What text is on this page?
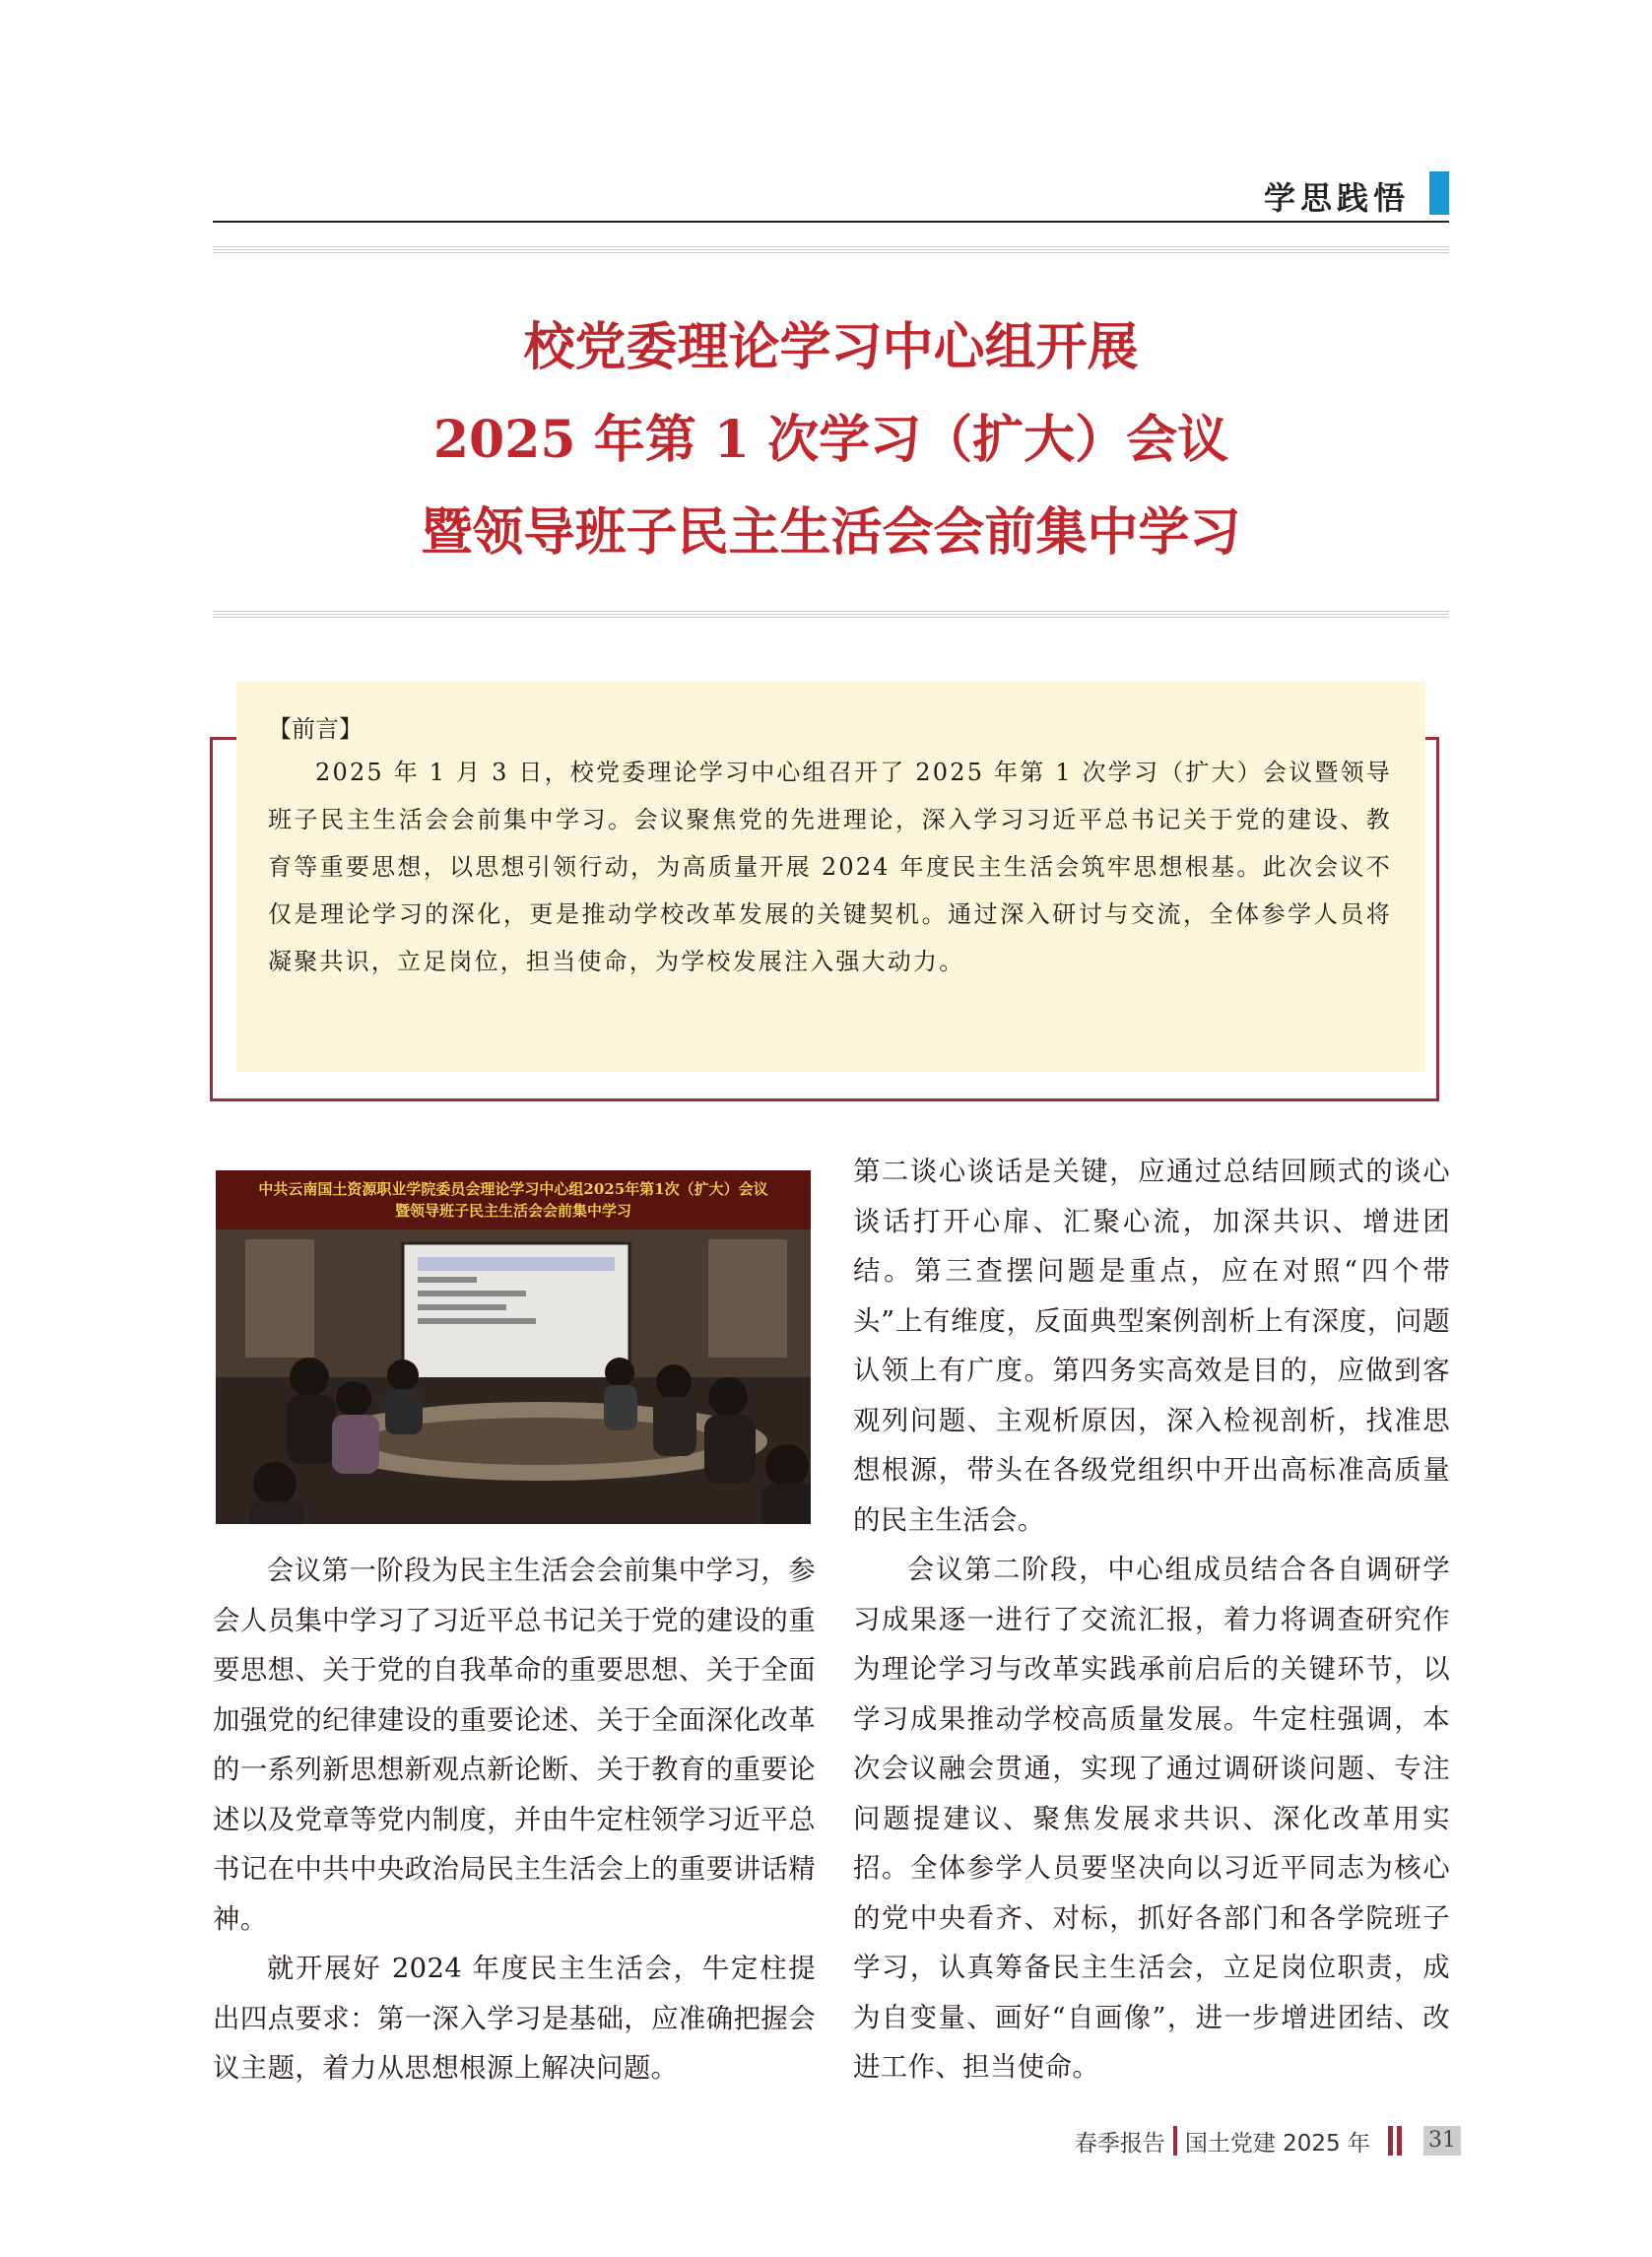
学思践悟
校党委理论学习中心组开展
2025 年第 1 次学习（扩大）会议
暨领导班子民主生活会会前集中学习
【前言】

2025 年 1 月 3 日，校党委理论学习中心组召开了 2025 年第 1 次学习（扩大）会议暨领导班子民主生活会会前集中学习。会议聚焦党的先进理论，深入学习习近平总书记关于党的建设、教育等重要思想，以思想引领行动，为高质量开展 2024 年度民主生活会筑牢思想根基。此次会议不仅是理论学习的深化，更是推动学校改革发展的关键契机。通过深入研讨与交流，全体参学人员将凝聚共识，立足岗位，担当使命，为学校发展注入强大动力。

中共云南国土资源职业学院委员会理论学习中心组2025年第1次（扩大）会议
暨领导班子民主生活会会前集中学习

会议第一阶段为民主生活会会前集中学习，参会人员集中学习了习近平总书记关于党的建设的重要思想、关于党的自我革命的重要思想、关于全面加强党的纪律建设的重要论述、关于全面深化改革的一系列新思想新观点新论断、关于教育的重要论述以及党章等党内制度，并由牛定柱领学习近平总书记在中共中央政治局民主生活会上的重要讲话精神。

就开展好 2024 年度民主生活会，牛定柱提出四点要求：第一深入学习是基础，应准确把握会议主题，着力从思想根源上解决问题。

第二谈心谈话是关键，应通过总结回顾式的谈心谈话打开心扉、汇聚心流，加深共识、增进团结。第三查摆问题是重点，应在对照“四个带头”上有维度，反面典型案例剖析上有深度，问题认领上有广度。第四务实高效是目的，应做到客观列问题、主观析原因，深入检视剖析，找准思想根源，带头在各级党组织中开出高标准高质量的民主生活会。

会议第二阶段，中心组成员结合各自调研学习成果逐一进行了交流汇报，着力将调查研究作为理论学习与改革实践承前启后的关键环节，以学习成果推动学校高质量发展。牛定柱强调，本次会议融会贯通，实现了通过调研谈问题、专注问题提建议、聚焦发展求共识、深化改革用实招。全体参学人员要坚决向以习近平同志为核心的党中央看齐、对标，抓好各部门和各学院班子学习，认真筹备民主生活会，立足岗位职责，成为自变量、画好“自画像”，进一步增进团结、改进工作、担当使命。

春季报告 国土党建 2025 年	31
